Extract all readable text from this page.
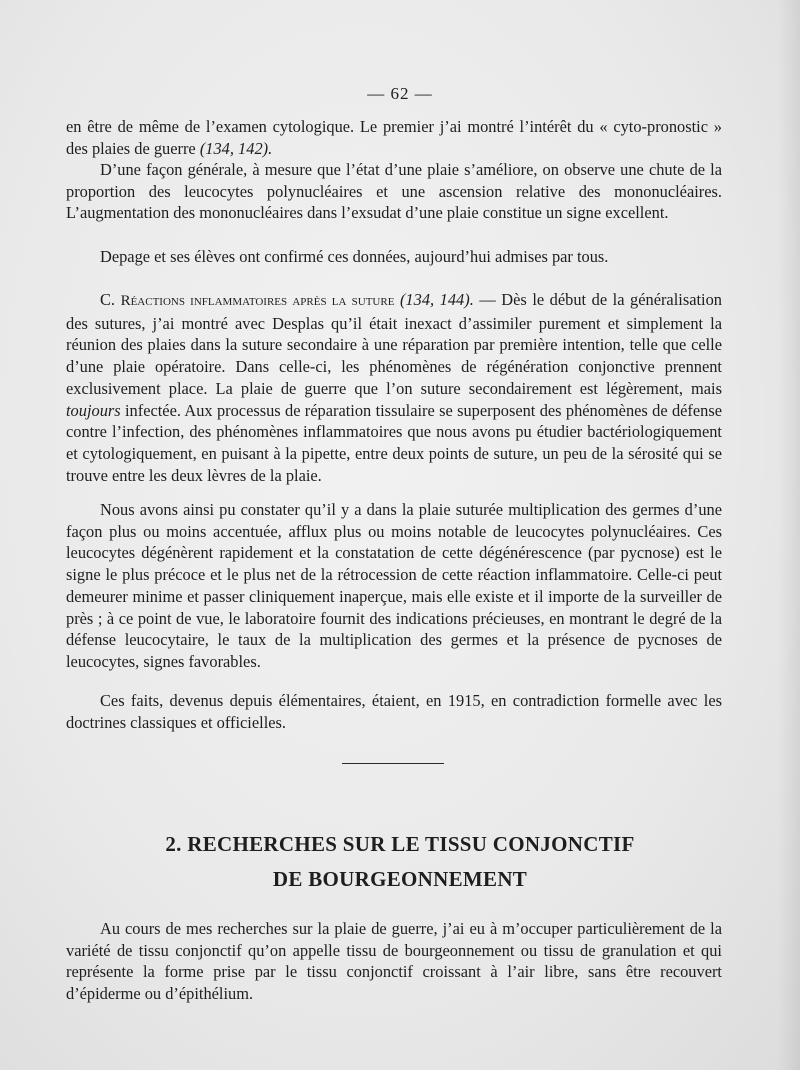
— 62 —

en être de même de l’examen cytologique. Le premier j’ai montré l’intérêt du « cyto-pronostic » des plaies de guerre (134, 142).

D’une façon générale, à mesure que l’état d’une plaie s’améliore, on observe une chute de la proportion des leucocytes polynucléaires et une ascension relative des mononucléaires. L’augmentation des mononucléaires dans l’exsudat d’une plaie constitue un signe excellent.

Depage et ses élèves ont confirmé ces données, aujourd’hui admises par tous.

C. Réactions inflammatoires après la suture (134, 144). — Dès le début de la généralisation des sutures, j’ai montré avec Desplas qu’il était inexact d’assimiler purement et simplement la réunion des plaies dans la suture secondaire à une réparation par première intention, telle que celle d’une plaie opératoire. Dans celle-ci, les phénomènes de régénération conjonctive prennent exclusivement place. La plaie de guerre que l’on suture secondairement est légèrement, mais toujours infectée. Aux processus de réparation tissulaire se superposent des phénomènes de défense contre l’infection, des phénomènes inflammatoires que nous avons pu étudier bactériologiquement et cytologiquement, en puisant à la pipette, entre deux points de suture, un peu de la sérosité qui se trouve entre les deux lèvres de la plaie.

Nous avons ainsi pu constater qu’il y a dans la plaie suturée multiplication des germes d’une façon plus ou moins accentuée, afflux plus ou moins notable de leucocytes polynucléaires. Ces leucocytes dégénèrent rapidement et la constatation de cette dégénérescence (par pycnose) est le signe le plus précoce et le plus net de la rétrocession de cette réaction inflammatoire. Celle-ci peut demeurer minime et passer cliniquement inaperçue, mais elle existe et il importe de la surveiller de près ; à ce point de vue, le laboratoire fournit des indications précieuses, en montrant le degré de la défense leucocytaire, le taux de la multiplication des germes et la présence de pycnoses de leucocytes, signes favorables.

Ces faits, devenus depuis élémentaires, étaient, en 1915, en contradiction formelle avec les doctrines classiques et officielles.

2. RECHERCHES SUR LE TISSU CONJONCTIF
DE BOURGEONNEMENT

Au cours de mes recherches sur la plaie de guerre, j’ai eu à m’occuper particulièrement de la variété de tissu conjonctif qu’on appelle tissu de bourgeonnement ou tissu de granulation et qui représente la forme prise par le tissu conjonctif croissant à l’air libre, sans être recouvert d’épiderme ou d’épithélium.
